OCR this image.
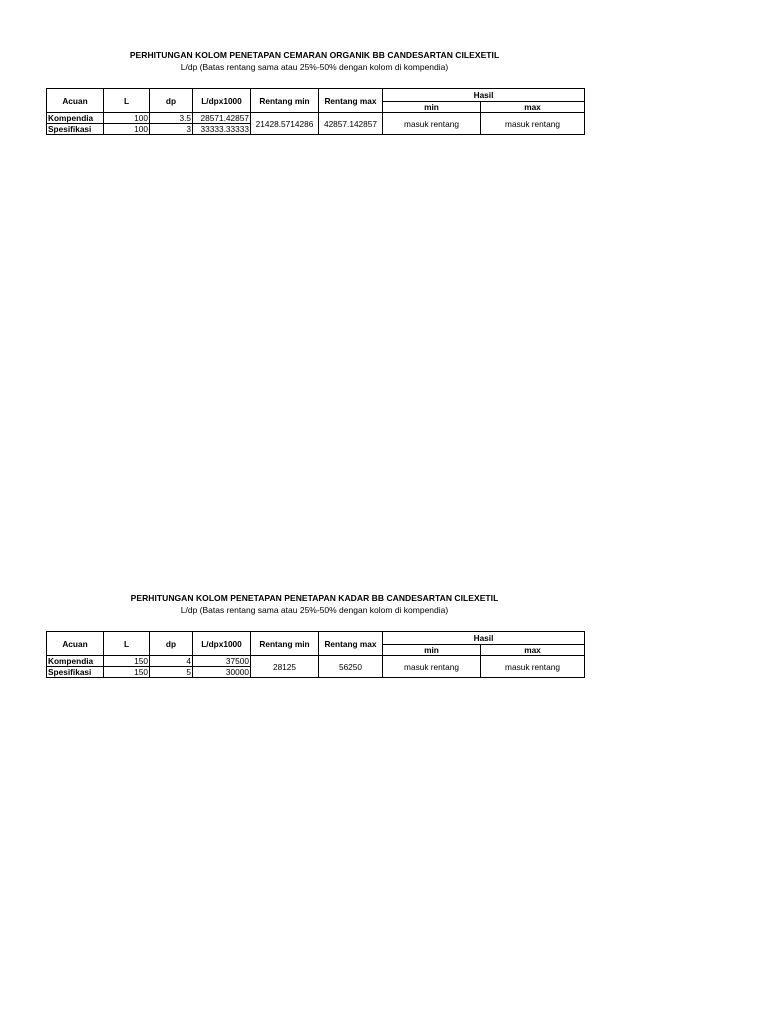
PERHITUNGAN KOLOM PENETAPAN CEMARAN ORGANIK BB CANDESARTAN CILEXETIL
L/dp (Batas rentang sama atau 25%-50% dengan kolom di kompendia)
Acuan	L	dp	L/dpx1000	Rentang min	Rentang max	Hasil	
						min	max
Kompendia	100	3.5	28571.42857	21428.5714286	42857.142857	masuk rentang	masuk rentang
Spesifikasi	100	3	33333.33333				
PERHITUNGAN KOLOM PENETAPAN PENETAPAN KADAR BB CANDESARTAN CILEXETIL
L/dp (Batas rentang sama atau 25%-50% dengan kolom di kompendia)
Acuan	L	dp	L/dpx1000	Rentang min	Rentang max	Hasil	
						min	max
Kompendia	150	4	37500	28125	56250	masuk rentang	masuk rentang
Spesifikasi	150	5	30000				
